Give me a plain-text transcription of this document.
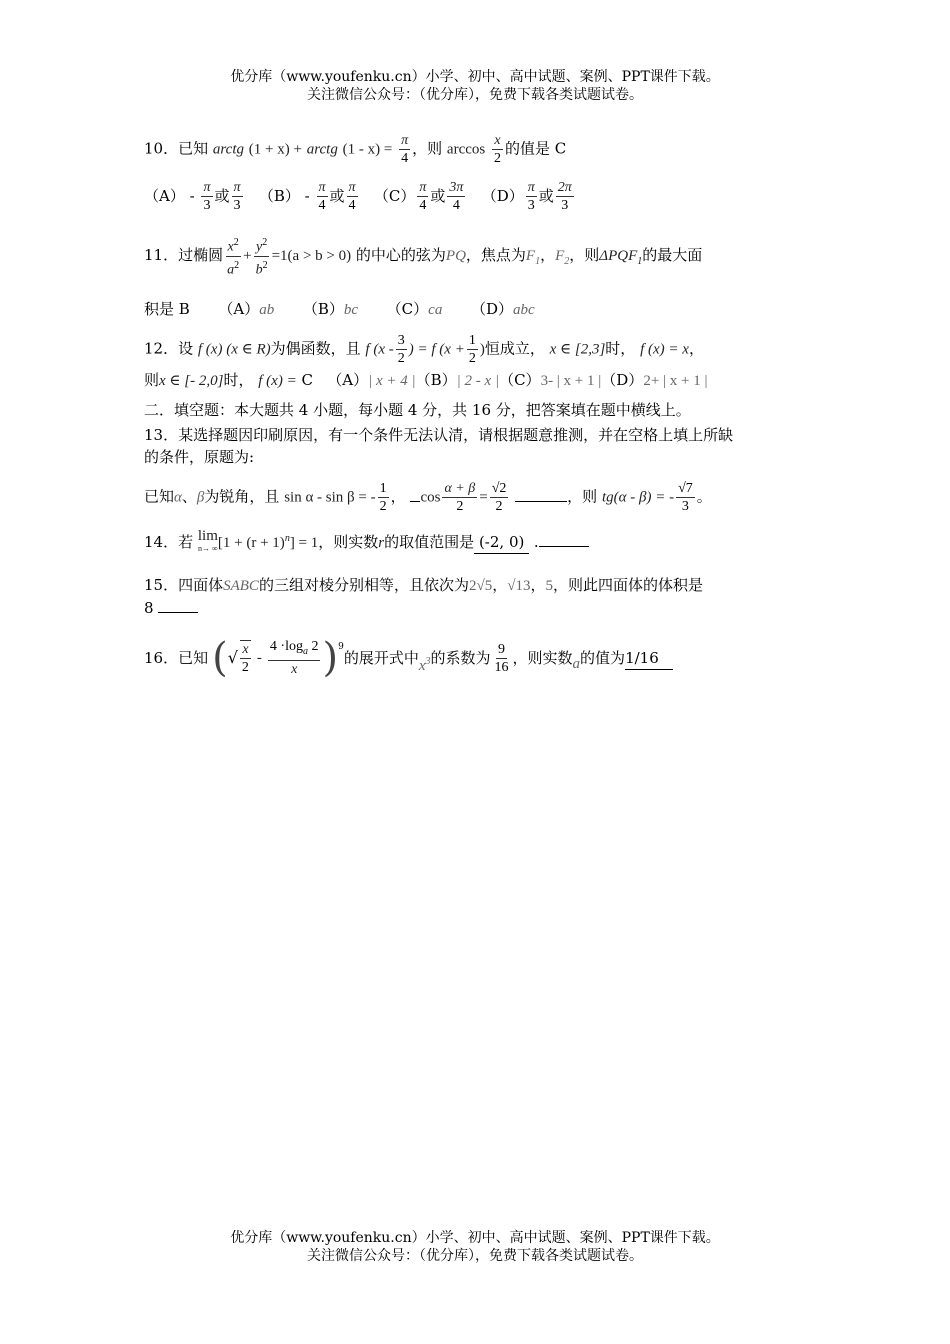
优分库（www.youfenku.cn）小学、初中、高中试题、案例、PPT课件下载。
关注微信公众号：（优分库），免费下载各类试题试卷。
10．已知 arctg (1 + x) + arctg $(1 - x) = \frac{\pi}{4}$ ，则 $\arccos \frac{x}{2}$ 的值是 C
$(A) - \frac{\pi}{3}$ 或 $\frac{\pi}{3} (B) - \frac{\pi}{4}$ 或 $\frac{\pi}{4} (C) \frac{\pi}{4}$ 或 $\frac{3\pi}{4} (D) \frac{\pi}{3}$ 或 $\frac{2\pi}{3}$
11．过椭圆 $\frac{x^2}{a^2} + \frac{y^2}{b^2} =1(a > b > 0)$ 的中心的弦为PQ，焦点为$F_1$，$F_2$，则$\Delta PQF_1$的最大面
积是 B （A）ab （B）bc （C）ca （D）abc
12．设 f (x) (x ∈ R)为偶函数，且 f ($x - \frac{3}{2}$ ) = f ($x + \frac{1}{2}$ )恒成立， x ∈ [2,3]时， f (x) = x，
则x ∈ [- 2,0]时， f (x) = C （A）| x + 4 |（B）| 2 - x |（C）3- | x + 1 |（D）2+ | x + 1 |
二．填空题：本大题共 4 小题，每小题 4 分，共 16 分，把答案填在题中横线上。
13．某选择题因印刷原因，有一个条件无法认清，请根据题意推测，并在空格上填上所缺
的条件，原题为:
已知α、β为锐角，且 sin α - sin β = - $\frac{1}{2}$ ， $\cos \frac{\alpha + \beta}{2} = \frac{√2}{2}$	，则 tg(α - β) = - $\frac{√7}{3}$ 。
14．若 lim
n→ ∞ $[1 + (r + 1)^n] = 1$，则实数r的取值范围是 (-2, 0) .
15．四面体SABC的三组对棱分别相等，且依次为2√5，√13，5，则此四面体的体积是
8
16． 已知 ( √ $\frac{x}{2} - \frac{4 \cdot\log_a 2}{x} )^9$
的展开式中 $x^3$ 的系数为 $\frac{9}{16}$ ，则实数 a 的值为 1/16
优分库（www.youfenku.cn）小学、初中、高中试题、案例、PPT课件下载。
关注微信公众号：（优分库），免费下载各类试题试卷。
